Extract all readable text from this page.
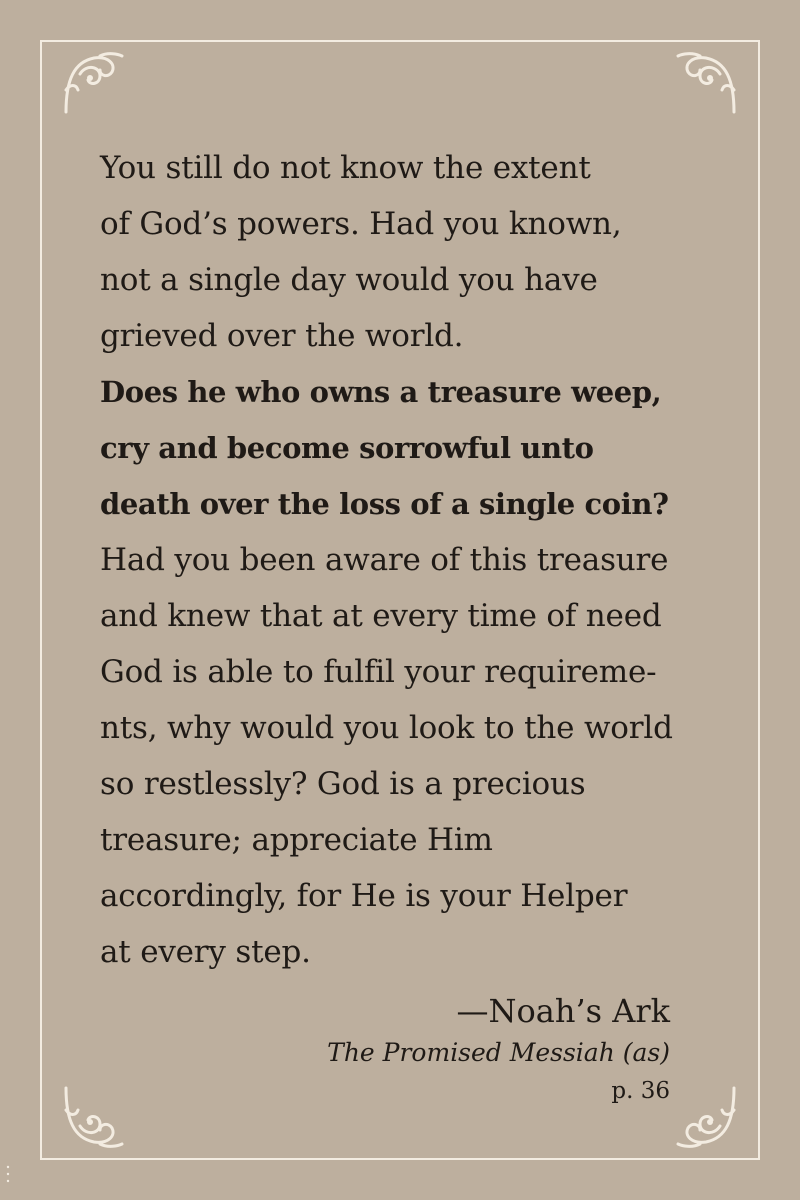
You still do not know the extent
of God’s powers. Had you known,
not a single day would you have
grieved over the world.
Does he who owns a treasure weep,
cry and become sorrowful unto
death over the loss of a single coin?
Had you been aware of this treasure
and knew that at every time of need
God is able to fulfil your requireme-
nts, why would you look to the world
so restlessly? God is a precious
treasure; appreciate Him
accordingly, for He is your Helper
at every step.
—Noah’s Ark
The Promised Messiah (as)
p. 36
